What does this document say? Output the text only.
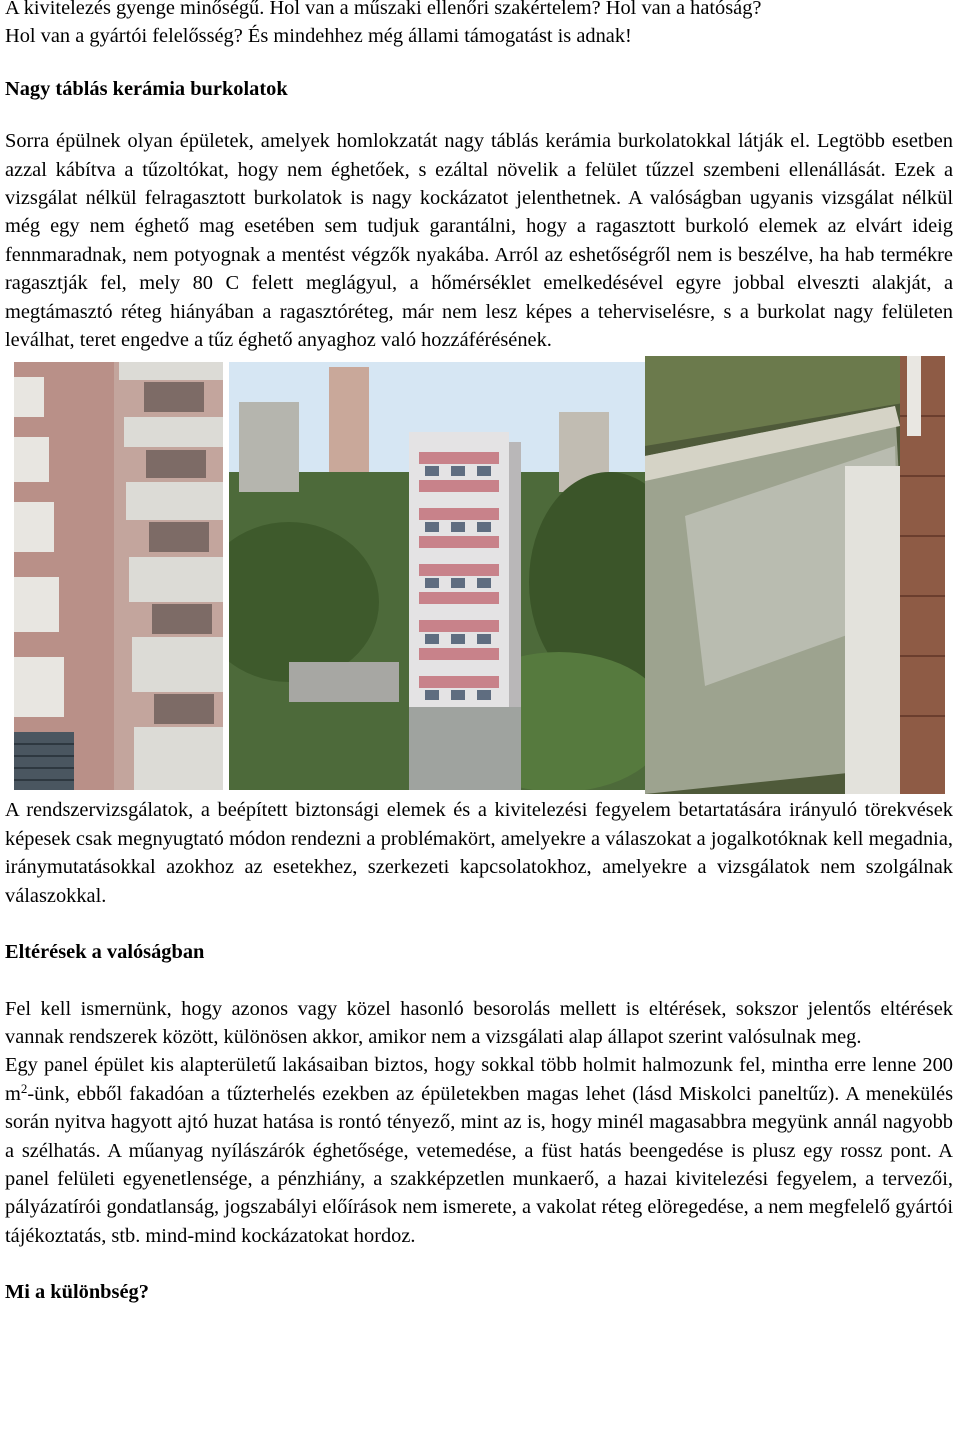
A kivitelezés gyenge minőségű. Hol van a műszaki ellenőri szakértelem? Hol van a hatóság?
Hol van a gyártói felelősség? És mindehhez még állami támogatást is adnak!

Nagy táblás kerámia burkolatok

Sorra épülnek olyan épületek, amelyek homlokzatát nagy táblás kerámia burkolatokkal látják el. Legtöbb esetben azzal kábítva a tűzoltókat, hogy nem éghetőek, s ezáltal növelik a felület tűzzel szembeni ellenállását. Ezek a vizsgálat nélkül felragasztott burkolatok is nagy kockázatot jelenthetnek. A valóságban ugyanis vizsgálat nélkül még egy nem éghető mag esetében sem tudjuk garantálni, hogy a ragasztott burkoló elemek az elvárt ideig fennmaradnak, nem potyognak a mentést végzők nyakába. Arról az eshetőségről nem is beszélve, ha hab termékre ragasztják fel, mely 80 C felett meglágyul, a hőmérséklet emelkedésével egyre jobbal elveszti alakját, a megtámasztó réteg hiányában a ragasztóréteg, már nem lesz képes a teherviselésre, s a burkolat nagy felületen leválhat, teret engedve a tűz éghető anyaghoz való hozzáférésének.

A rendszervizsgálatok, a beépített biztonsági elemek és a kivitelezési fegyelem betartatására irányuló törekvések képesek csak megnyugtató módon rendezni a problémakört, amelyekre a válaszokat a jogalkotóknak kell megadnia, iránymutatásokkal azokhoz az esetekhez, szerkezeti kapcsolatokhoz, amelyekre a vizsgálatok nem szolgálnak válaszokkal.

Eltérések a valóságban

Fel kell ismernünk, hogy azonos vagy közel hasonló besorolás mellett is eltérések, sokszor jelentős eltérések vannak rendszerek között, különösen akkor, amikor nem a vizsgálati alap állapot szerint valósulnak meg.

Egy panel épület kis alapterületű lakásaiban biztos, hogy sokkal több holmit halmozunk fel, mintha erre lenne 200 $m^2$-ünk, ebből fakadóan a tűzterhelés ezekben az épületekben magas lehet (lásd Miskolci paneltűz). A menekülés során nyitva hagyott ajtó huzat hatása is rontó tényező, mint az is, hogy minél magasabbra megyünk annál nagyobb a szélhatás. A műanyag nyílászárók éghetősége, vetemedése, a füst hatás beengedése is plusz egy rossz pont. A panel felületi egyenetlensége, a pénzhiány, a szakképzetlen munkaerő, a hazai kivitelezési fegyelem, a tervezői, pályázatírói gondatlanság, jogszabályi előírások nem ismerete, a vakolat réteg elöregedése, a nem megfelelő gyártói tájékoztatás, stb. mind-mind kockázatokat hordoz.

Mi a különbség?
